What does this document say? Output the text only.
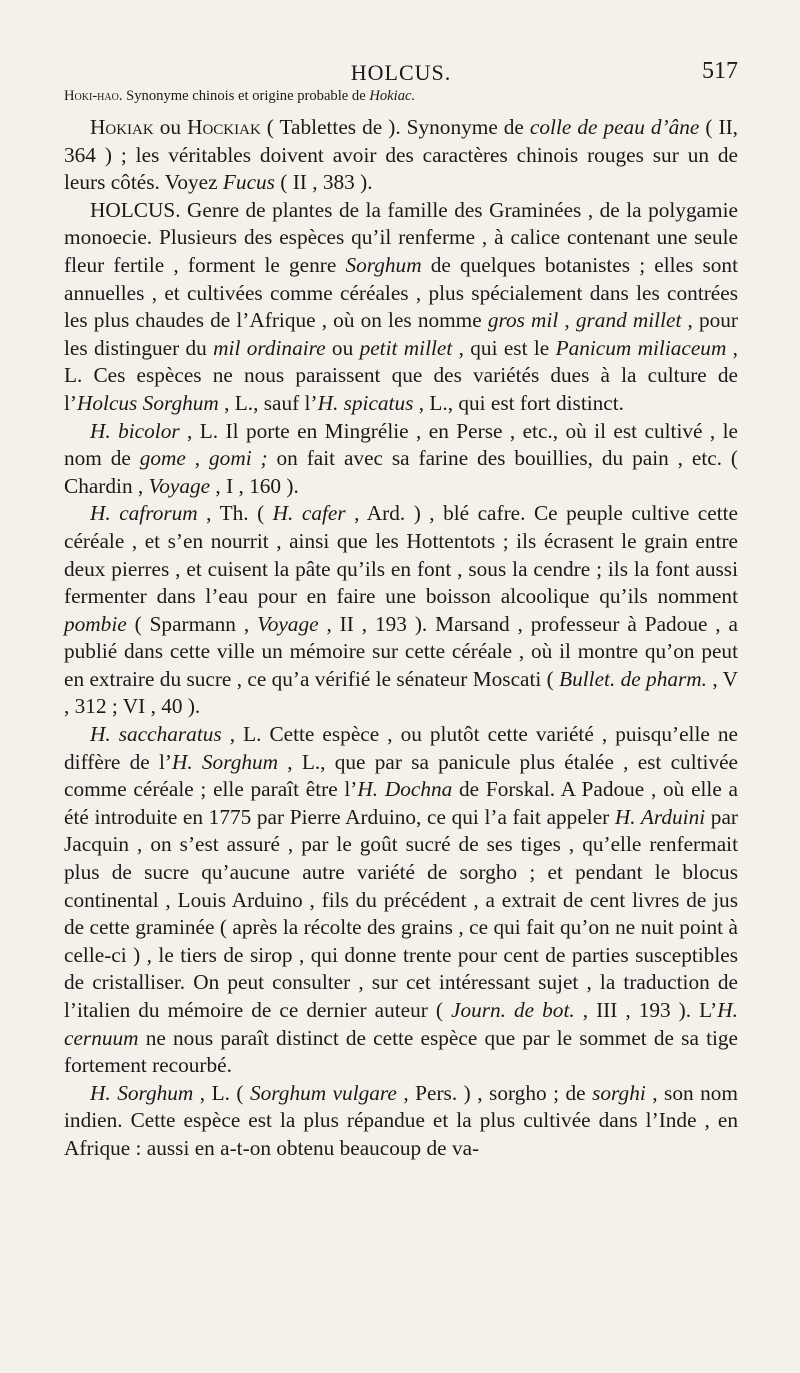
HOLCUS.	517

Hoki-hao. Synonyme chinois et origine probable de Hokiac.

Hokiak ou Hockiak ( Tablettes de ). Synonyme de colle de peau d’âne ( II, 364 ) ; les véritables doivent avoir des caractères chinois rouges sur un de leurs côtés. Voyez Fucus ( II , 383 ).

HOLCUS. Genre de plantes de la famille des Graminées , de la polygamie monoecie. Plusieurs des espèces qu’il renferme , à calice contenant une seule fleur fertile , forment le genre Sorghum de quelques botanistes ; elles sont annuelles , et cultivées comme céréales , plus spécialement dans les contrées les plus chaudes de l’Afrique , où on les nomme gros mil , grand millet , pour les distinguer du mil ordinaire ou petit millet , qui est le Panicum miliaceum , L. Ces espèces ne nous paraissent que des variétés dues à la culture de l’Holcus Sorghum , L., sauf l’H. spicatus , L., qui est fort distinct.

H. bicolor , L. Il porte en Mingrélie , en Perse , etc., où il est cultivé , le nom de gome , gomi ; on fait avec sa farine des bouillies, du pain , etc. ( Chardin , Voyage , I , 160 ).

H. cafrorum , Th. ( H. cafer , Ard. ) , blé cafre. Ce peuple cultive cette céréale , et s’en nourrit , ainsi que les Hottentots ; ils écrasent le grain entre deux pierres , et cuisent la pâte qu’ils en font , sous la cendre ; ils la font aussi fermenter dans l’eau pour en faire une boisson alcoolique qu’ils nomment pombie ( Sparmann , Voyage , II , 193 ). Marsand , professeur à Padoue , a publié dans cette ville un mémoire sur cette céréale , où il montre qu’on peut en extraire du sucre , ce qu’a vérifié le sénateur Moscati ( Bullet. de pharm. , V , 312 ; VI , 40 ).

H. saccharatus , L. Cette espèce , ou plutôt cette variété , puisqu’elle ne diffère de l’H. Sorghum , L., que par sa panicule plus étalée , est cultivée comme céréale ; elle paraît être l’H. Dochna de Forskal. A Padoue , où elle a été introduite en 1775 par Pierre Arduino, ce qui l’a fait appeler H. Arduini par Jacquin , on s’est assuré , par le goût sucré de ses tiges , qu’elle renfermait plus de sucre qu’aucune autre variété de sorgho ; et pendant le blocus continental , Louis Arduino , fils du précédent , a extrait de cent livres de jus de cette graminée ( après la récolte des grains , ce qui fait qu’on ne nuit point à celle-ci ) , le tiers de sirop , qui donne trente pour cent de parties susceptibles de cristalliser. On peut consulter , sur cet intéressant sujet , la traduction de l’italien du mémoire de ce dernier auteur ( Journ. de bot. , III , 193 ). L’H. cernuum ne nous paraît distinct de cette espèce que par le sommet de sa tige fortement recourbé.

H. Sorghum , L. ( Sorghum vulgare , Pers. ) , sorgho ; de sorghi , son nom indien. Cette espèce est la plus répandue et la plus cultivée dans l’Inde , en Afrique : aussi en a-t-on obtenu beaucoup de va-
